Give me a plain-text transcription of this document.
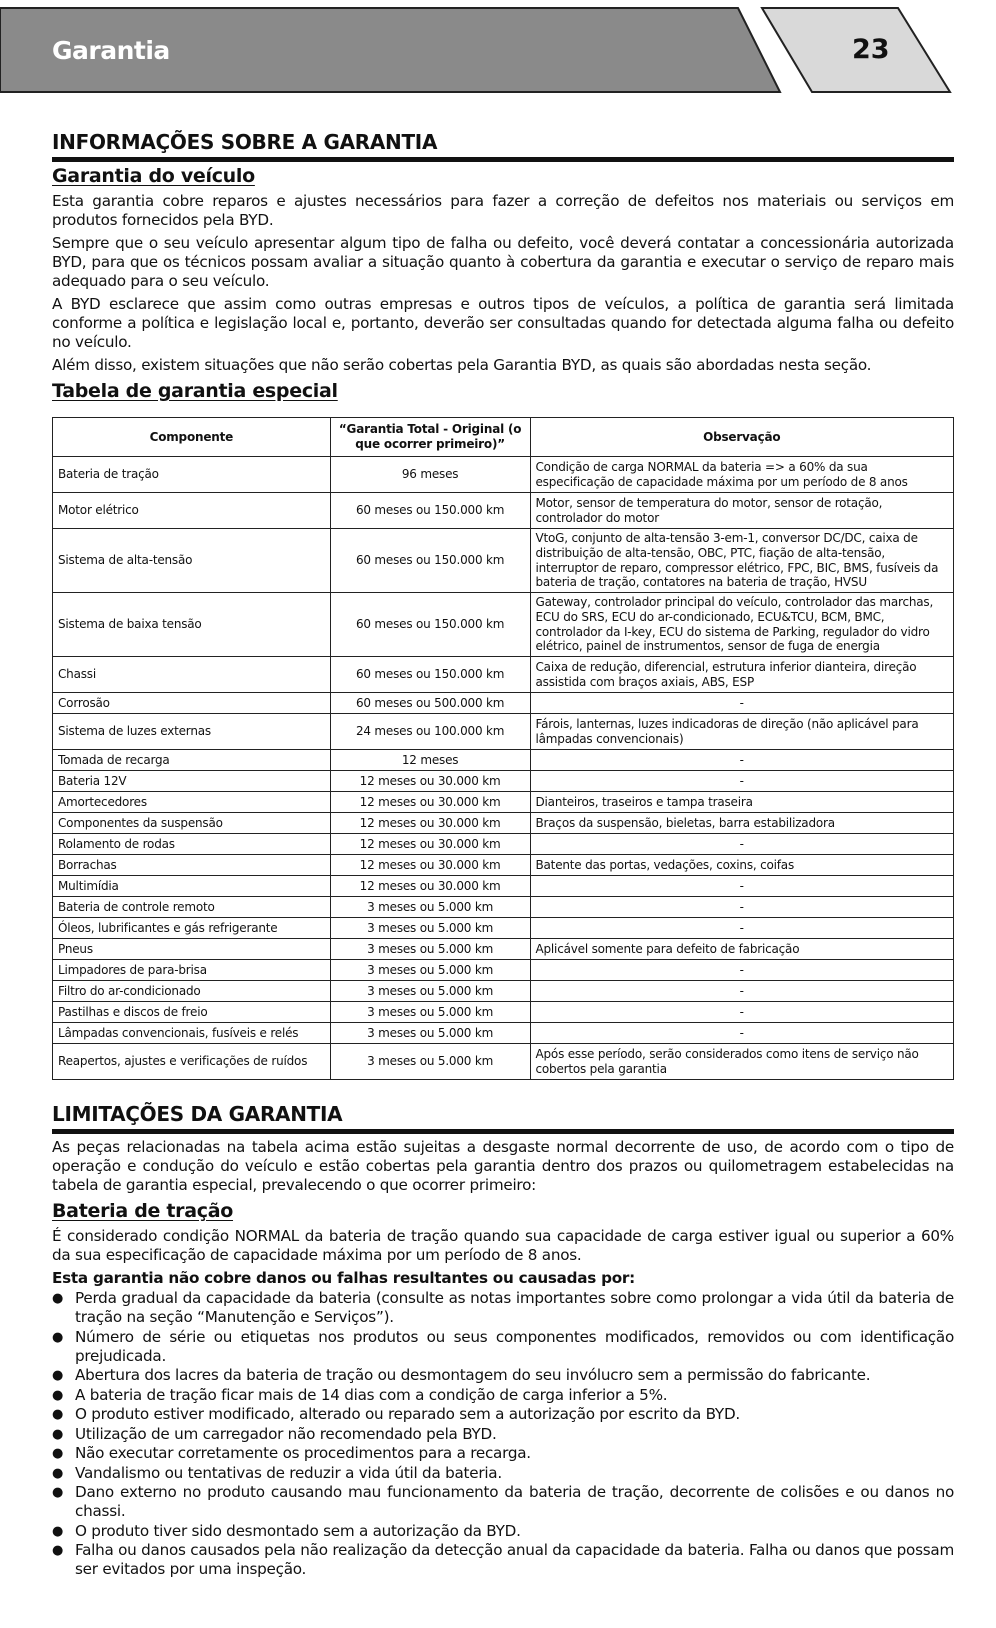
Garantia	23
INFORMAÇÕES SOBRE A GARANTIA
Garantia do veículo

Esta garantia cobre reparos e ajustes necessários para fazer a correção de defeitos nos materiais ou serviços em produtos fornecidos pela BYD.

Sempre que o seu veículo apresentar algum tipo de falha ou defeito, você deverá contatar a concessionária autorizada BYD, para que os técnicos possam avaliar a situação quanto à cobertura da garantia e executar o serviço de reparo mais adequado para o seu veículo.

A BYD esclarece que assim como outras empresas e outros tipos de veículos, a política de garantia será limitada conforme a política e legislação local e, portanto, deverão ser consultadas quando for detectada alguma falha ou defeito no veículo.

Além disso, existem situações que não serão cobertas pela Garantia BYD, as quais são abordadas nesta seção.

Tabela de garantia especial
Componente	“Garantia Total - Original (o que ocorrer primeiro)”	Observação
Bateria de tração	96 meses	Condição de carga NORMAL da bateria => a 60% da sua especificação de capacidade máxima por um período de 8 anos
Motor elétrico	60 meses ou 150.000 km	Motor, sensor de temperatura do motor, sensor de rotação, controlador do motor
Sistema de alta-tensão	60 meses ou 150.000 km	VtoG, conjunto de alta-tensão 3-em-1, conversor DC/DC, caixa de distribuição de alta-tensão, OBC, PTC, fiação de alta-tensão, interruptor de reparo, compressor elétrico, FPC, BIC, BMS, fusíveis da bateria de tração, contatores na bateria de tração, HVSU
Sistema de baixa tensão	60 meses ou 150.000 km	Gateway, controlador principal do veículo, controlador das marchas, ECU do SRS, ECU do ar-condicionado, ECU&TCU, BCM, BMC, controlador da I-key, ECU do sistema de Parking, regulador do vidro elétrico, painel de instrumentos, sensor de fuga de energia
Chassi	60 meses ou 150.000 km	Caixa de redução, diferencial, estrutura inferior dianteira, direção assistida com braços axiais, ABS, ESP
Corrosão	60 meses ou 500.000 km	-
Sistema de luzes externas	24 meses ou 100.000 km	Fárois, lanternas, luzes indicadoras de direção (não aplicável para lâmpadas convencionais)
Tomada de recarga	12 meses	-
Bateria 12V	12 meses ou 30.000 km	-
Amortecedores	12 meses ou 30.000 km	Dianteiros, traseiros e tampa traseira
Componentes da suspensão	12 meses ou 30.000 km	Braços da suspensão, bieletas, barra estabilizadora
Rolamento de rodas	12 meses ou 30.000 km	-
Borrachas	12 meses ou 30.000 km	Batente das portas, vedações, coxins, coifas
Multimídia	12 meses ou 30.000 km	-
Bateria de controle remoto	3 meses ou 5.000 km	-
Óleos, lubrificantes e gás refrigerante	3 meses ou 5.000 km	-
Pneus	3 meses ou 5.000 km	Aplicável somente para defeito de fabricação
Limpadores de para-brisa	3 meses ou 5.000 km	-
Filtro do ar-condicionado	3 meses ou 5.000 km	-
Pastilhas e discos de freio	3 meses ou 5.000 km	-
Lâmpadas convencionais, fusíveis e relés	3 meses ou 5.000 km	-
Reapertos, ajustes e verificações de ruídos	3 meses ou 5.000 km	Após esse período, serão considerados como itens de serviço não cobertos pela garantia
LIMITAÇÕES DA GARANTIA

As peças relacionadas na tabela acima estão sujeitas a desgaste normal decorrente de uso, de acordo com o tipo de operação e condução do veículo e estão cobertas pela garantia dentro dos prazos ou quilometragem estabelecidas na tabela de garantia especial, prevalecendo o que ocorrer primeiro:

Bateria de tração

É considerado condição NORMAL da bateria de tração quando sua capacidade de carga estiver igual ou superior a 60% da sua especificação de capacidade máxima por um período de 8 anos.

Esta garantia não cobre danos ou falhas resultantes ou causadas por:
● Perda gradual da capacidade da bateria (consulte as notas importantes sobre como prolongar a vida útil da bateria de tração na seção “Manutenção e Serviços”).
● Número de série ou etiquetas nos produtos ou seus componentes modificados, removidos ou com identificação prejudicada.
● Abertura dos lacres da bateria de tração ou desmontagem do seu invólucro sem a permissão do fabricante.
● A bateria de tração ficar mais de 14 dias com a condição de carga inferior a 5%.
● O produto estiver modificado, alterado ou reparado sem a autorização por escrito da BYD.
● Utilização de um carregador não recomendado pela BYD.
● Não executar corretamente os procedimentos para a recarga.
● Vandalismo ou tentativas de reduzir a vida útil da bateria.
● Dano externo no produto causando mau funcionamento da bateria de tração, decorrente de colisões e ou danos no chassi.
● O produto tiver sido desmontado sem a autorização da BYD.
● Falha ou danos causados pela não realização da detecção anual da capacidade da bateria. Falha ou danos que possam ser evitados por uma inspeção.
